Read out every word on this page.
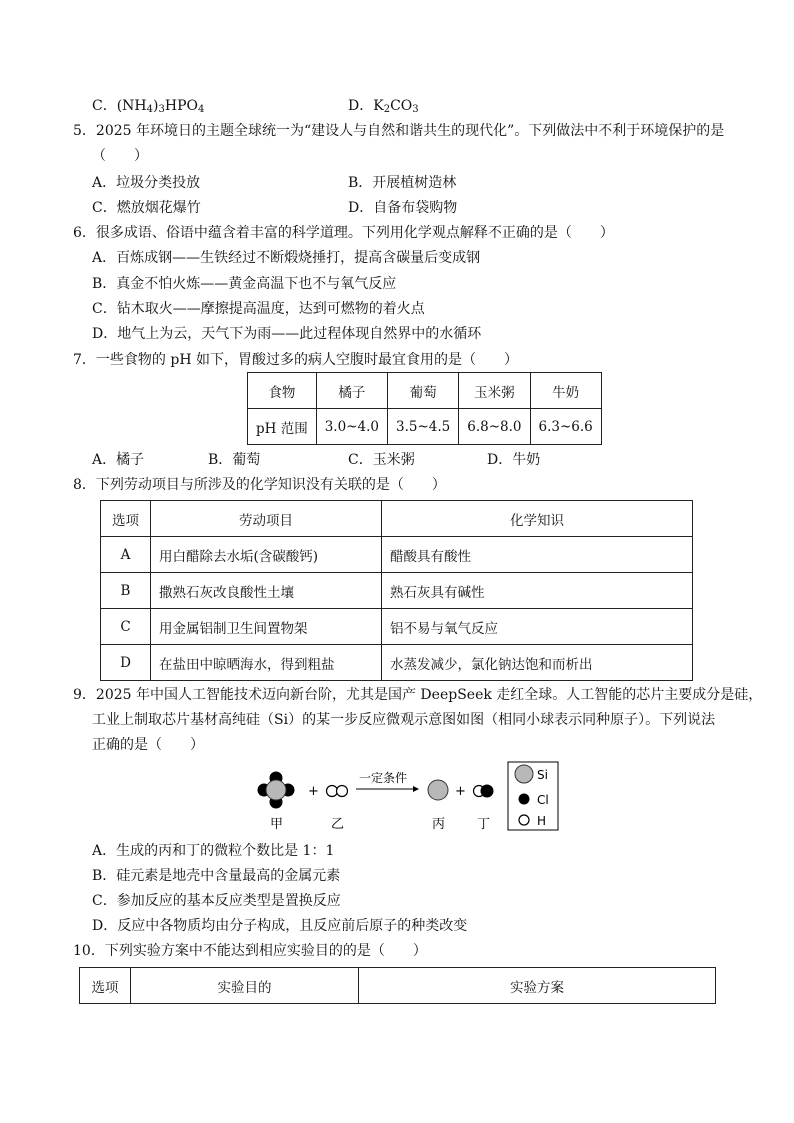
C．$(NH_4)_3HPO_4$	D．$K_2CO_3$
5．2025 年环境日的主题全球统一为“建设人与自然和谐共生的现代化”。下列做法中不利于环境保护的是
（　　）
A．垃圾分类投放	B．开展植树造林
C．燃放烟花爆竹	D．自备布袋购物
6．很多成语、俗语中蕴含着丰富的科学道理。下列用化学观点解释不正确的是（　　）
A．百炼成钢——生铁经过不断煅烧捶打，提高含碳量后变成钢
B．真金不怕火炼——黄金高温下也不与氧气反应
C．钻木取火——摩擦提高温度，达到可燃物的着火点
D．地气上为云，天气下为雨——此过程体现自然界中的水循环
7．一些食物的 pH 如下，胃酸过多的病人空腹时最宜食用的是（　　）
食物	橘子	葡萄	玉米粥	牛奶
pH 范围	3.0~4.0	3.5~4.5	6.8~8.0	6.3~6.6
A．橘子	B．葡萄	C．玉米粥	D．牛奶
8．下列劳动项目与所涉及的化学知识没有关联的是（　　）
选项	劳动项目	化学知识
A	用白醋除去水垢(含碳酸钙)	醋酸具有酸性
B	撒熟石灰改良酸性土壤	熟石灰具有碱性
C	用金属铝制卫生间置物架	铝不易与氧气反应
D	在盐田中晾晒海水，得到粗盐	水蒸发减少，氯化钠达饱和而析出
9．2025 年中国人工智能技术迈向新台阶，尤其是国产 DeepSeek 走红全球。人工智能的芯片主要成分是硅，
工业上制取芯片基材高纯硅（Si）的某一步反应微观示意图如图（相同小球表示同种原子）。下列说法
正确的是（　　）
+
一定条件
+
甲	乙	丙 丁
Si
Cl
H
A．生成的丙和丁的微粒个数比是 1：1
B．硅元素是地壳中含量最高的金属元素
C．参加反应的基本反应类型是置换反应
D．反应中各物质均由分子构成，且反应前后原子的种类改变
10．下列实验方案中不能达到相应实验目的的是（　　）
选项	实验目的	实验方案
